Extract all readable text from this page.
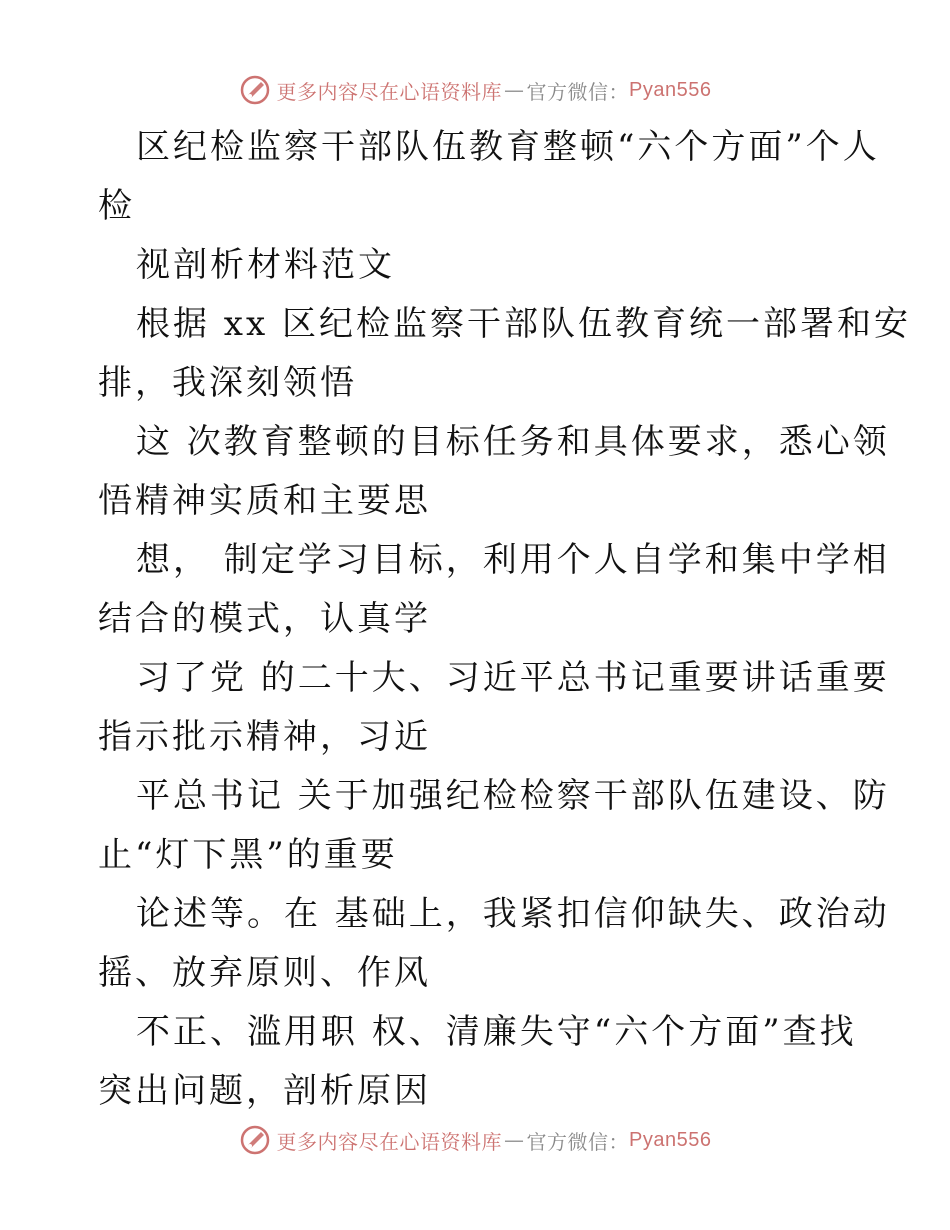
更多内容尽在心语资料库 — 官方微信： Pyan556
区纪检监察干部队伍教育整顿“六个方面”个人
检
视剖析材料范文
根据 xx 区纪检监察干部队伍教育统一部署和安
排，我深刻领悟
这 次教育整顿的目标任务和具体要求，悉心领
悟精神实质和主要思
想， 制定学习目标，利用个人自学和集中学相
结合的模式，认真学
习了党 的二十大、习近平总书记重要讲话重要
指示批示精神，习近
平总书记 关于加强纪检检察干部队伍建设、防
止“灯下黑”的重要
论述等。在 基础上，我紧扣信仰缺失、政治动
摇、放弃原则、作风
不正、滥用职 权、清廉失守“六个方面”查找
突出问题，剖析原因
更多内容尽在心语资料库 — 官方微信： Pyan556
